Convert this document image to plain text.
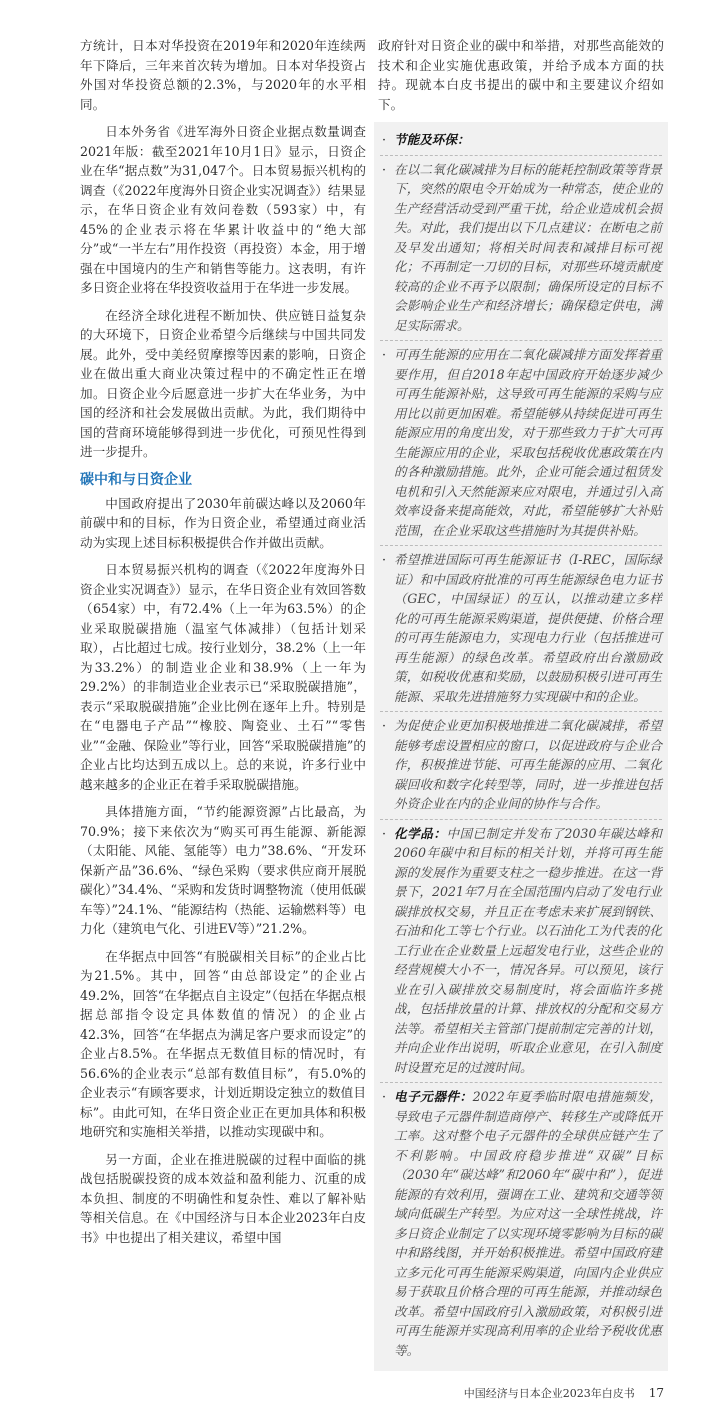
方统计，日本对华投资在2019年和2020年连续两年下降后，三年来首次转为增加。日本对华投资占外国对华投资总额的2.3%，与2020年的水平相同。

日本外务省《进军海外日资企业据点数量调查2021年版：截至2021年10月1日》显示，日资企业在华“据点数”为31,047个。日本贸易振兴机构的调查（《2022年度海外日资企业实况调查》）结果显示，在华日资企业有效问卷数（593家）中，有45%的企业表示将在华累计收益中的“绝大部分”或“一半左右”用作投资（再投资）本金，用于增强在中国境内的生产和销售等能力。这表明，有许多日资企业将在华投资收益用于在华进一步发展。

在经济全球化进程不断加快、供应链日益复杂的大环境下，日资企业希望今后继续与中国共同发展。此外，受中美经贸摩擦等因素的影响，日资企业在做出重大商业决策过程中的不确定性正在增加。日资企业今后愿意进一步扩大在华业务，为中国的经济和社会发展做出贡献。为此，我们期待中国的营商环境能够得到进一步优化，可预见性得到进一步提升。

碳中和与日资企业

中国政府提出了2030年前碳达峰以及2060年前碳中和的目标，作为日资企业，希望通过商业活动为实现上述目标积极提供合作并做出贡献。

日本贸易振兴机构的调查（《2022年度海外日资企业实况调查》）显示，在华日资企业有效回答数（654家）中，有72.4%（上一年为63.5%）的企业采取脱碳措施（温室气体减排）（包括计划采取），占比超过七成。按行业划分，38.2%（上一年为33.2%）的制造业企业和38.9%（上一年为29.2%）的非制造业企业表示已“采取脱碳措施”，表示“采取脱碳措施”企业比例在逐年上升。特别是在“电器电子产品”“橡胶、陶瓷业、土石”“零售业”“金融、保险业”等行业，回答“采取脱碳措施”的企业占比均达到五成以上。总的来说，许多行业中越来越多的企业正在着手采取脱碳措施。

具体措施方面，“节约能源资源”占比最高，为70.9%；接下来依次为“购买可再生能源、新能源（太阳能、风能、氢能等）电力”38.6%、“开发环保新产品”36.6%、“绿色采购（要求供应商开展脱碳化）”34.4%、“采购和发货时调整物流（使用低碳车等）”24.1%、“能源结构（热能、运输燃料等）电力化（建筑电气化、引进EV等）”21.2%。

在华据点中回答“有脱碳相关目标”的企业占比为21.5%。其中，回答“由总部设定”的企业占49.2%，回答“在华据点自主设定”（包括在华据点根据总部指令设定具体数值的情况）的企业占42.3%，回答“在华据点为满足客户要求而设定”的企业占8.5%。在华据点无数值目标的情况时，有56.6%的企业表示“总部有数值目标”，有5.0%的企业表示“有顾客要求，计划近期设定独立的数值目标”。由此可知，在华日资企业正在更加具体和积极地研究和实施相关举措，以推动实现碳中和。

另一方面，企业在推进脱碳的过程中面临的挑战包括脱碳投资的成本效益和盈利能力、沉重的成本负担、制度的不明确性和复杂性、难以了解补贴等相关信息。在《中国经济与日本企业2023年白皮书》中也提出了相关建议，希望中国

政府针对日资企业的碳中和举措，对那些高能效的技术和企业实施优惠政策，并给予成本方面的扶持。现就本白皮书提出的碳中和主要建议介绍如下。

· 节能及环保：
· 在以二氧化碳减排为目标的能耗控制政策等背景下，突然的限电令开始成为一种常态，使企业的生产经营活动受到严重干扰，给企业造成机会损失。对此，我们提出以下几点建议：在断电之前及早发出通知；将相关时间表和减排目标可视化；不再制定一刀切的目标，对那些环境贡献度较高的企业不再予以限制；确保所设定的目标不会影响企业生产和经济增长；确保稳定供电，满足实际需求。
· 可再生能源的应用在二氧化碳减排方面发挥着重要作用，但自2018年起中国政府开始逐步减少可再生能源补贴，这导致可再生能源的采购与应用比以前更加困难。希望能够从持续促进可再生能源应用的角度出发，对于那些致力于扩大可再生能源应用的企业，采取包括税收优惠政策在内的各种激励措施。此外，企业可能会通过租赁发电机和引入天然能源来应对限电，并通过引入高效率设备来提高能效，对此，希望能够扩大补贴范围，在企业采取这些措施时为其提供补贴。
· 希望推进国际可再生能源证书（I-REC，国际绿证）和中国政府批准的可再生能源绿色电力证书（GEC，中国绿证）的互认，以推动建立多样化的可再生能源采购渠道，提供便捷、价格合理的可再生能源电力，实现电力行业（包括推进可再生能源）的绿色改革。希望政府出台激励政策，如税收优惠和奖励，以鼓励积极引进可再生能源、采取先进措施努力实现碳中和的企业。
· 为促使企业更加积极地推进二氧化碳减排，希望能够考虑设置相应的窗口，以促进政府与企业合作，积极推进节能、可再生能源的应用、二氧化碳回收和数字化转型等，同时，进一步推进包括外资企业在内的企业间的协作与合作。
· 化学品：中国已制定并发布了2030年碳达峰和2060年碳中和目标的相关计划，并将可再生能源的发展作为重要支柱之一稳步推进。在这一背景下，2021年7月在全国范围内启动了发电行业碳排放权交易，并且正在考虑未来扩展到钢铁、石油和化工等七个行业。以石油化工为代表的化工行业在企业数量上远超发电行业，这些企业的经营规模大小不一，情况各异。可以预见，该行业在引入碳排放交易制度时，将会面临许多挑战，包括排放量的计算、排放权的分配和交易方法等。希望相关主管部门提前制定完善的计划，并向企业作出说明，听取企业意见，在引入制度时设置充足的过渡时间。
· 电子元器件：2022年夏季临时限电措施频发，导致电子元器件制造商停产、转移生产或降低开工率。这对整个电子元器件的全球供应链产生了不利影响。中国政府稳步推进“双碳”目标（2030年“碳达峰”和2060年“碳中和”），促进能源的有效利用，强调在工业、建筑和交通等领域向低碳生产转型。为应对这一全球性挑战，许多日资企业制定了以实现环境零影响为目标的碳中和路线图，并开始积极推进。希望中国政府建立多元化可再生能源采购渠道，向国内企业供应易于获取且价格合理的可再生能源，并推动绿色改革。希望中国政府引入激励政策，对积极引进可再生能源并实现高利用率的企业给予税收优惠等。
中国经济与日本企业2023年白皮书 17
